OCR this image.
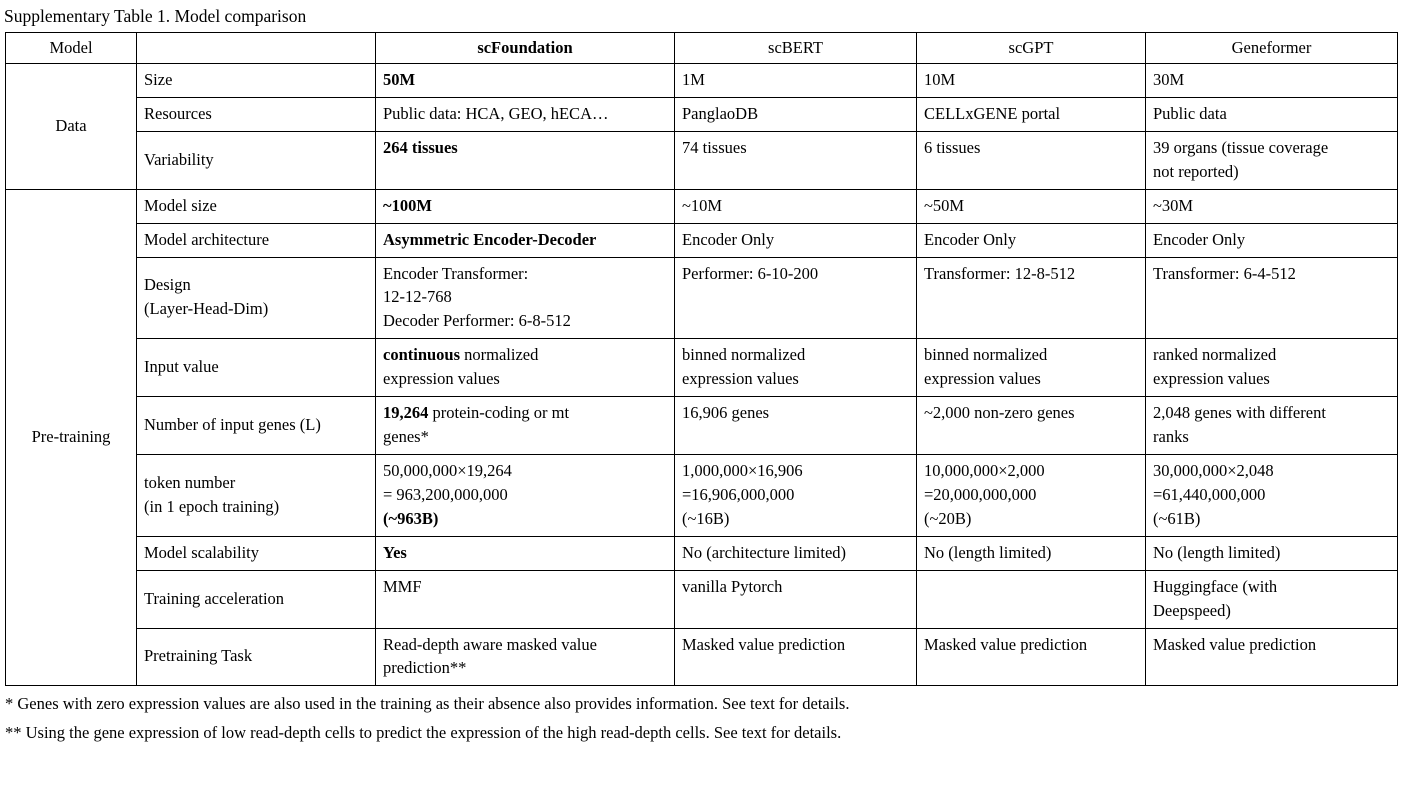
Supplementary Table 1. Model comparison
Model		scFoundation	scBERT	scGPT	Geneformer
Data	Size	50M	1M	10M	30M
	Resources	Public data: HCA, GEO, hECA…	PanglaoDB	CELLxGENE portal	Public data
	Variability	264 tissues	74 tissues	6 tissues	39 organs (tissue coverage
not reported)

Pre-training	Model size	~100M	~10M	~50M	~30M
	Model architecture	Asymmetric Encoder-Decoder	Encoder Only	Encoder Only	Encoder Only

	Design
(Layer-Head-Dim)	Encoder Transformer:
12-12-768
Decoder Performer: 6-8-512	Performer: 6-10-200	Transformer: 12-8-512	Transformer: 6-4-512
	Input value	continuous normalized
expression values	binned normalized
expression values	binned normalized
expression values	ranked normalized
expression values

	Number of input genes (L)	19,264 protein-coding or mt
genes*	16,906 genes	~2,000 non-zero genes	2,048 genes with different
ranks

	token number
(in 1 epoch training)	50,000,000×19,264
= 963,200,000,000
(~963B)	1,000,000×16,906
=16,906,000,000
(~16B)	10,000,000×2,000
=20,000,000,000
(~20B)	30,000,000×2,048
=61,440,000,000
(~61B)

	Model scalability	Yes	No (architecture limited)	No (length limited)	No (length limited)
	Training acceleration	MMF	vanilla Pytorch		Huggingface (with
Deepspeed)

	Pretraining Task	Read-depth aware masked value
prediction**	Masked value prediction	Masked value prediction	Masked value prediction
* Genes with zero expression values are also used in the training as their absence also provides information. See text for details.
** Using the gene expression of low read-depth cells to predict the expression of the high read-depth cells. See text for details.
